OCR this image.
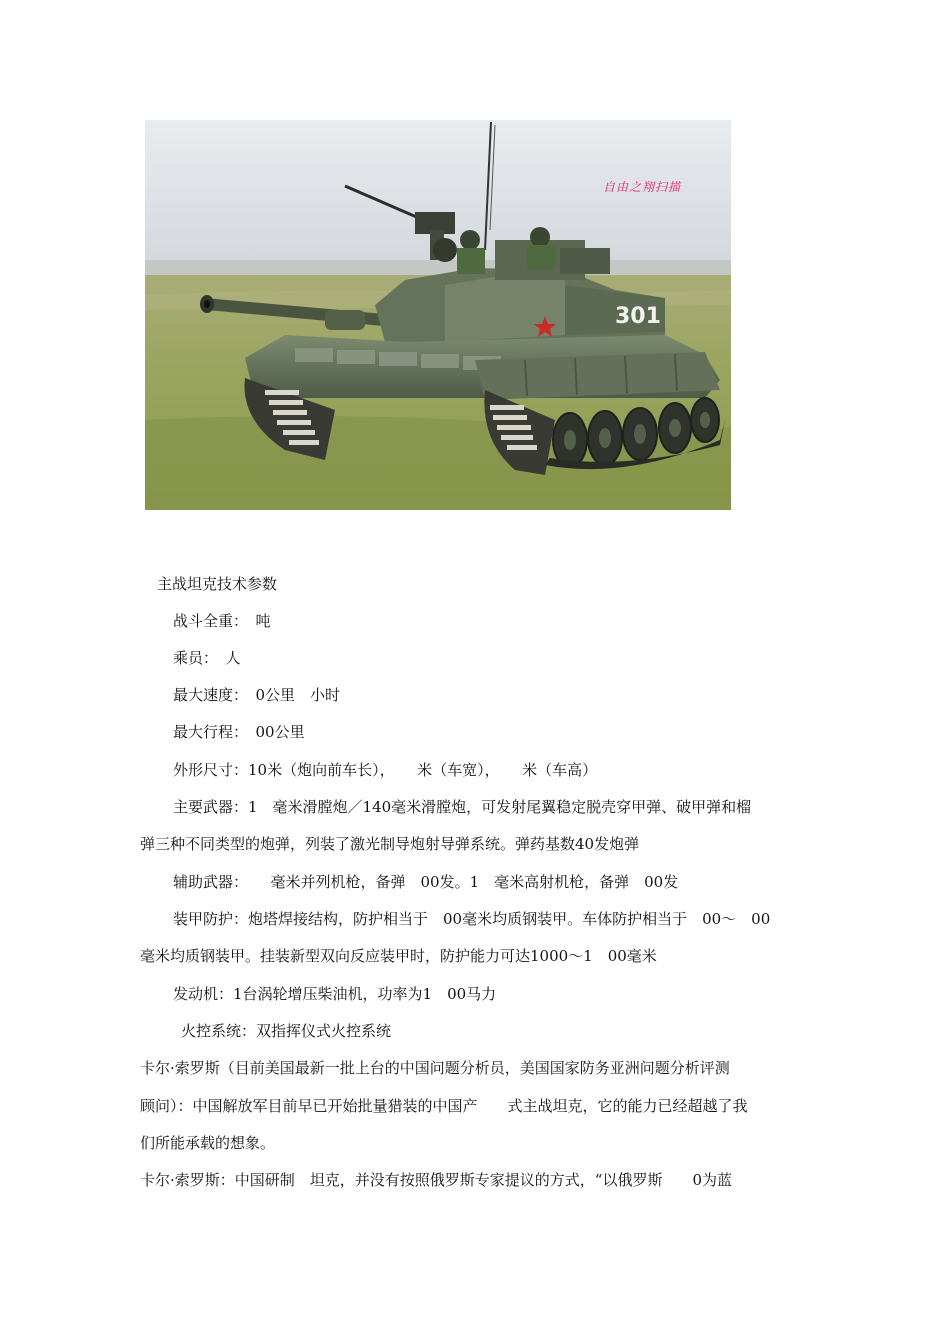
301
自由之翔扫描
主战坦克技术参数
战斗全重：　吨
乘员：　人
最大速度：　0公里　小时
最大行程：　00公里
外形尺寸：10米（炮向前车长），　　米（车宽），　　米（车高）
主要武器：1　毫米滑膛炮／140毫米滑膛炮，可发射尾翼稳定脱壳穿甲弹、破甲弹和榴
弹三种不同类型的炮弹，列装了激光制导炮射导弹系统。弹药基数40发炮弹
辅助武器：　　毫米并列机枪，备弹　00发。1　毫米高射机枪，备弹　00发
装甲防护：炮塔焊接结构，防护相当于　00毫米均质钢装甲。车体防护相当于　00～　00
毫米均质钢装甲。挂装新型双向反应装甲时，防护能力可达1000～1　00毫米
发动机：1台涡轮增压柴油机，功率为1　00马力
火控系统：双指挥仪式火控系统
卡尔·索罗斯（目前美国最新一批上台的中国问题分析员，美国国家防务亚洲问题分析评测
顾问）：中国解放军目前早已开始批量猎装的中国产　　式主战坦克，它的能力已经超越了我
们所能承载的想象。
卡尔·索罗斯：中国研制　坦克，并没有按照俄罗斯专家提议的方式，“以俄罗斯　　0为蓝
